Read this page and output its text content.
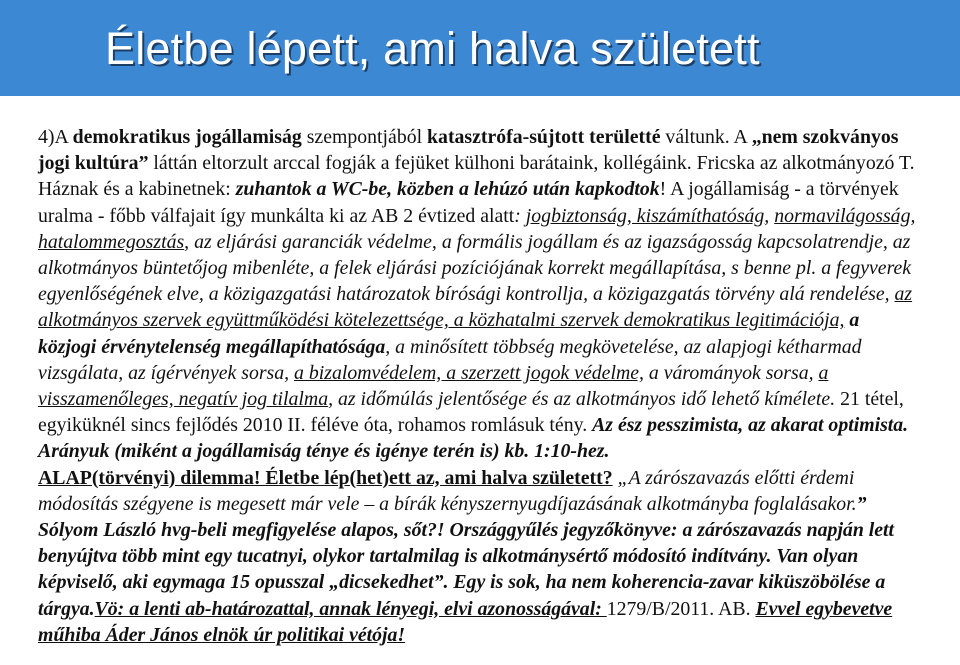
Életbe lépett, ami halva született

4)A demokratikus jogállamiság szempontjából katasztrófa-sújtott területté váltunk. A „nem szokványos jogi kultúra” láttán eltorzult arccal fogják a fejüket külhoni barátaink, kollégáink. Fricska az alkotmányozó T. Háznak és a kabinetnek: zuhantok a WC-be, közben a lehúzó után kapkodtok! A jogállamiság - a törvények uralma - főbb válfajait így munkálta ki az AB 2 évtized alatt: jogbiztonság, kiszámíthatóság, normavilágosság, hatalommegosztás, az eljárási garanciák védelme, a formális jogállam és az igazságosság kapcsolatrendje, az alkotmányos büntetőjog mibenléte, a felek eljárási pozíciójának korrekt megállapítása, s benne pl. a fegyverek egyenlőségének elve, a közigazgatási határozatok bírósági kontrollja, a közigazgatás törvény alá rendelése, az alkotmányos szervek együttműködési kötelezettsége, a közhatalmi szervek demokratikus legitimációja, a közjogi érvénytelenség megállapíthatósága, a minősített többség megkövetelése, az alapjogi kétharmad vizsgálata, az ígérvények sorsa, a bizalomvédelem, a szerzett jogok védelme, a várományok sorsa, a visszamenőleges, negatív jog tilalma, az időmúlás jelentősége és az alkotmányos idő lehető kímélete. 21 tétel, egyiküknél sincs fejlődés 2010 II. féléve óta, rohamos romlásuk tény. Az ész pesszimista, az akarat optimista. Arányuk (miként a jogállamiság ténye és igénye terén is) kb. 1:10-hez.

ALAP(törvényi) dilemma! Életbe lép(het)ett az, ami halva született? „A zárószavazás előtti érdemi módosítás szégyene is megesett már vele – a bírák kényszernyugdíjazásának alkotmányba foglalásakor.” Sólyom László hvg-beli megfigyelése alapos, sőt?! Országgyűlés jegyzőkönyve: a zárószavazás napján lett benyújtva több mint egy tucatnyi, olykor tartalmilag is alkotmánysértő módosító indítvány. Van olyan képviselő, aki egymaga 15 opusszal „dicsekedhet”. Egy is sok, ha nem koherencia-zavar kiküszöbölése a tárgya.Vö: a lenti ab-határozattal, annak lényegi, elvi azonosságával: 1279/B/2011. AB. Evvel egybevetve műhiba Áder János elnök úr politikai vétója!
